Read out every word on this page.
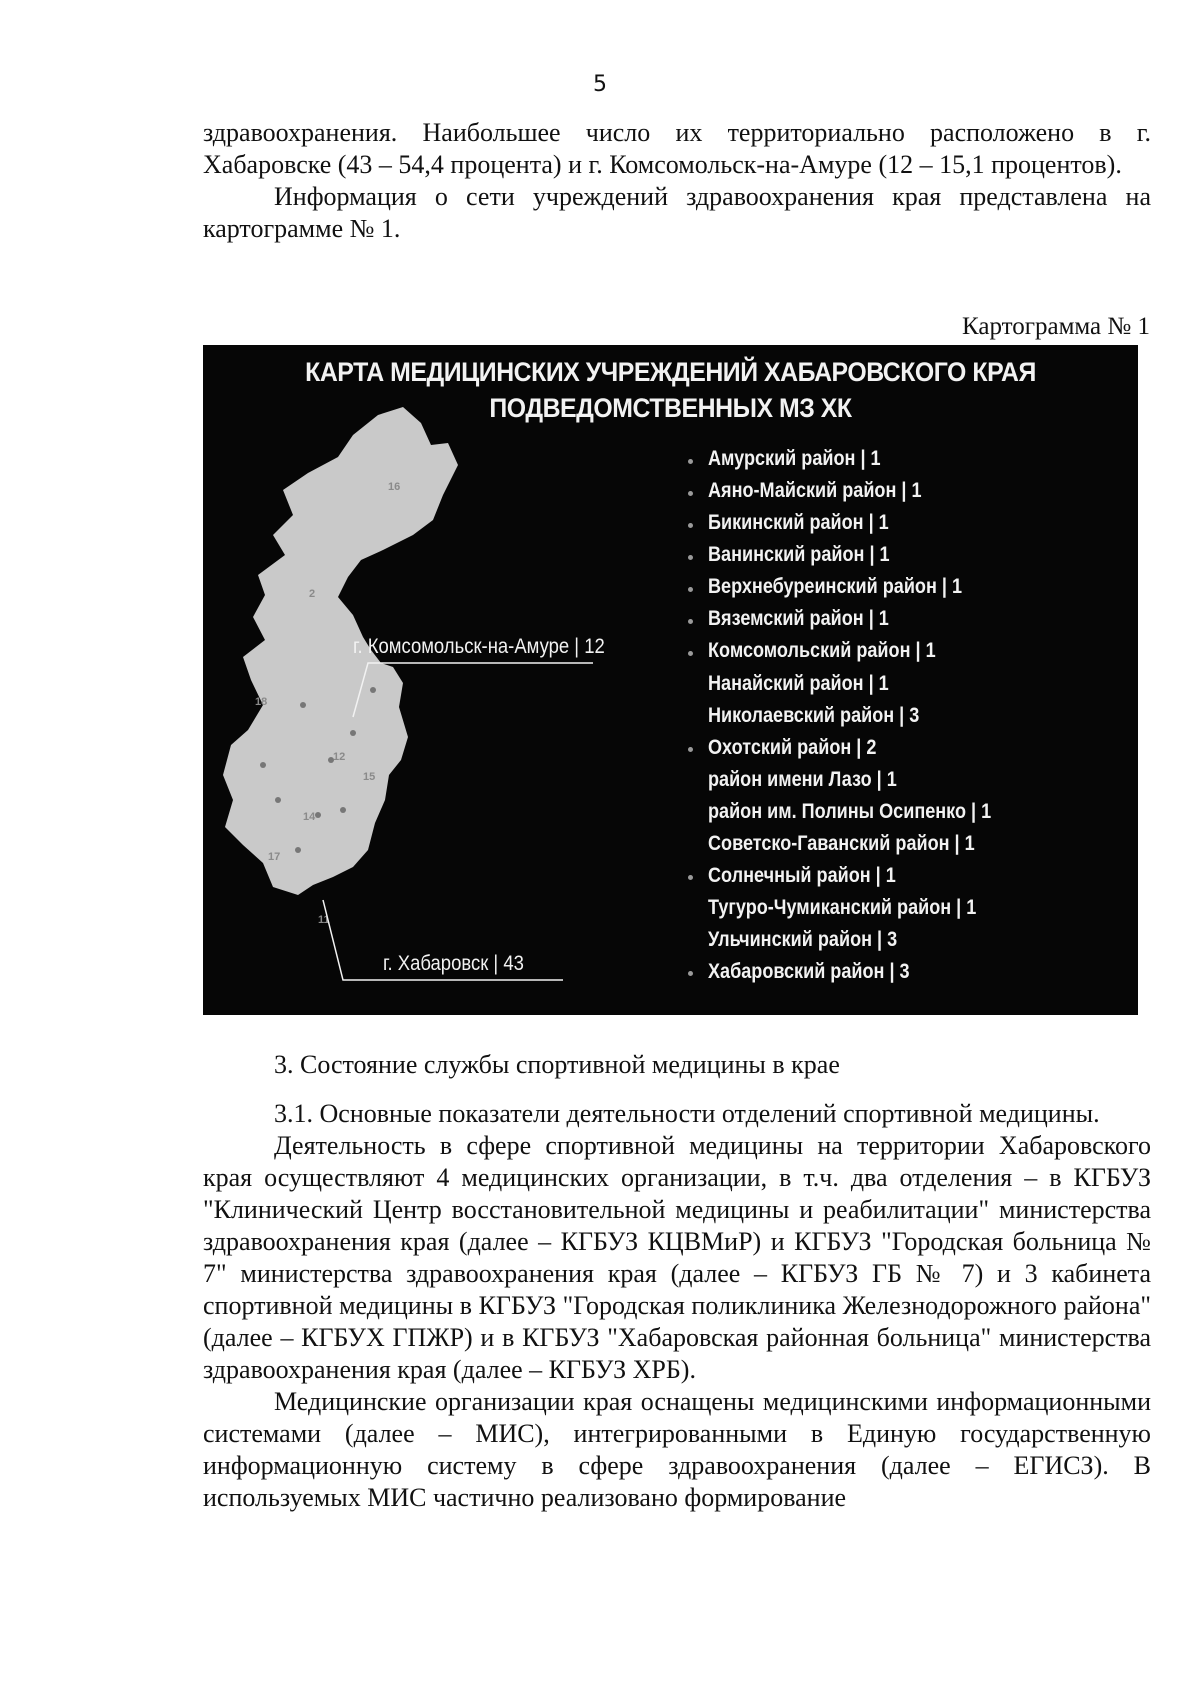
5

здравоохранения. Наибольшее число их территориально расположено в г. Хабаровске (43 – 54,4 процента) и г. Комсомольск-на-Амуре (12 – 15,1 процентов).

Информация о сети учреждений здравоохранения края представлена на картограмме № 1.

Картограмма № 1
КАРТА МЕДИЦИНСКИХ УЧРЕЖДЕНИЙ ХАБАРОВСКОГО КРАЯ
ПОДВЕДОМСТВЕННЫХ МЗ ХК
16
2
18
12
15
14
17
11
г. Комсомольск-на-Амуре | 12
г. Хабаровск | 43
Амурский район | 1
Аяно-Майский район | 1
Бикинский район | 1
Ванинский район | 1
Верхнебуреинский район | 1
Вяземский район | 1
Комсомольский район | 1
Нанайский район | 1
Николаевский район | 3
Охотский район | 2
район имени Лазо | 1
район им. Полины Осипенко | 1
Советско-Гаванский район | 1
Солнечный район | 1
Тугуро-Чумиканский район | 1
Ульчинский район | 3
Хабаровский район | 3
3. Состояние службы спортивной медицины в крае

3.1. Основные показатели деятельности отделений спортивной медицины.

Деятельность в сфере спортивной медицины на территории Хабаровского края осуществляют 4 медицинских организации, в т.ч. два отделения – в КГБУЗ "Клинический Центр восстановительной медицины и реабилитации" министерства здравоохранения края (далее – КГБУЗ КЦВМиР) и КГБУЗ "Городская больница № 7" министерства здравоохранения края (далее – КГБУЗ ГБ № 7) и 3 кабинета спортивной медицины в КГБУЗ "Городская поликлиника Железнодорожного района" (далее – КГБУХ ГПЖР) и в КГБУЗ "Хабаровская районная больница" министерства здравоохранения края (далее – КГБУЗ ХРБ).

Медицинские организации края оснащены медицинскими информационными системами (далее – МИС), интегрированными в Единую государственную информационную систему в сфере здравоохранения (далее – ЕГИСЗ). В используемых МИС частично реализовано формирование
